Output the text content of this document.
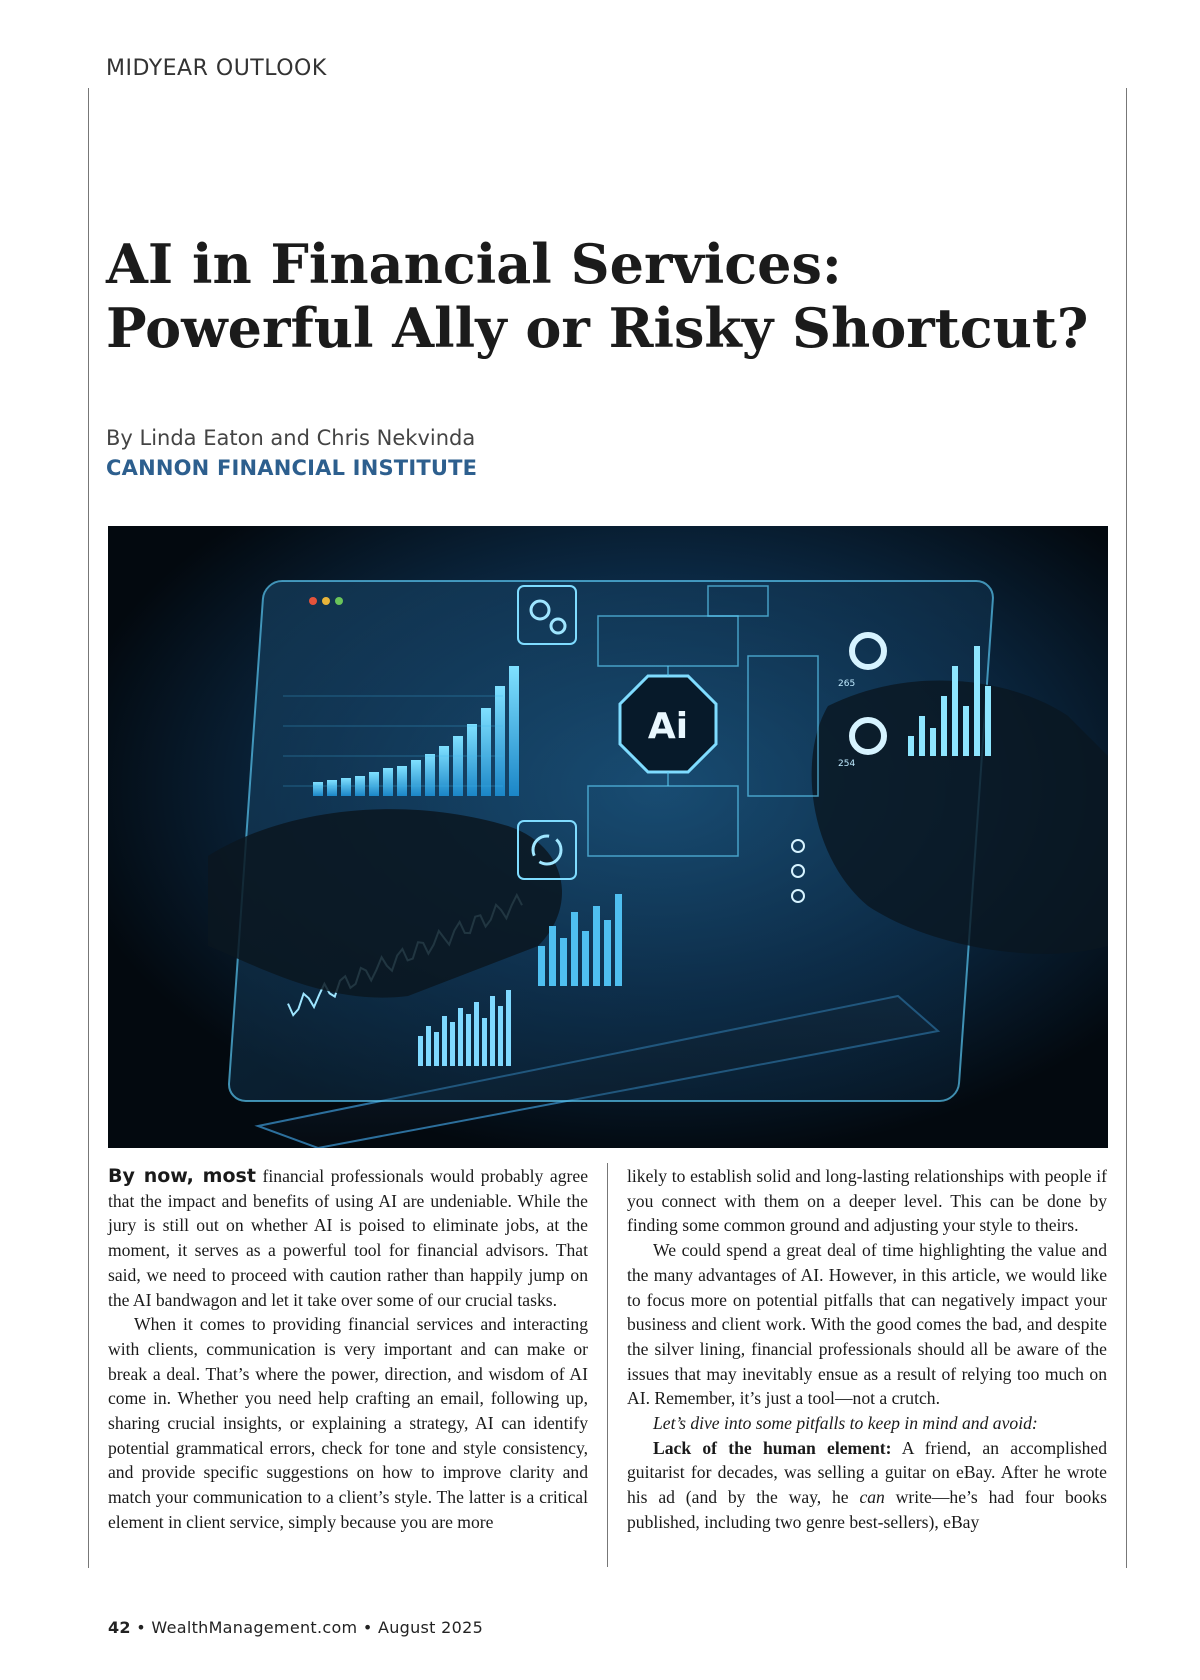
MIDYEAR OUTLOOK
AI in Financial Services:
Powerful Ally or Risky Shortcut?
By Linda Eaton and Chris Nekvinda
CANNON FINANCIAL INSTITUTE
Ai
265
254

By now, most financial professionals would probably agree that the impact and benefits of using AI are undeniable. While the jury is still out on whether AI is poised to eliminate jobs, at the moment, it serves as a powerful tool for financial advisors. That said, we need to proceed with caution rather than happily jump on the AI bandwagon and let it take over some of our crucial tasks.

When it comes to providing financial services and interacting with clients, communication is very important and can make or break a deal. That’s where the power, direction, and wisdom of AI come in. Whether you need help crafting an email, following up, sharing crucial insights, or explaining a strategy, AI can identify potential grammatical errors, check for tone and style consistency, and provide specific suggestions on how to improve clarity and match your communication to a client’s style. The latter is a critical element in client service, simply because you are more

likely to establish solid and long-lasting relationships with people if you connect with them on a deeper level. This can be done by finding some common ground and adjusting your style to theirs.

We could spend a great deal of time highlighting the value and the many advantages of AI. However, in this article, we would like to focus more on potential pitfalls that can negatively impact your business and client work. With the good comes the bad, and despite the silver lining, financial professionals should all be aware of the issues that may inevitably ensue as a result of relying too much on AI. Remember, it’s just a tool—not a crutch.

Let’s dive into some pitfalls to keep in mind and avoid:

Lack of the human element: A friend, an accomplished guitarist for decades, was selling a guitar on eBay. After he wrote his ad (and by the way, he can write—he’s had four books published, including two genre best-sellers), eBay

42 • WealthManagement.com • August 2025
